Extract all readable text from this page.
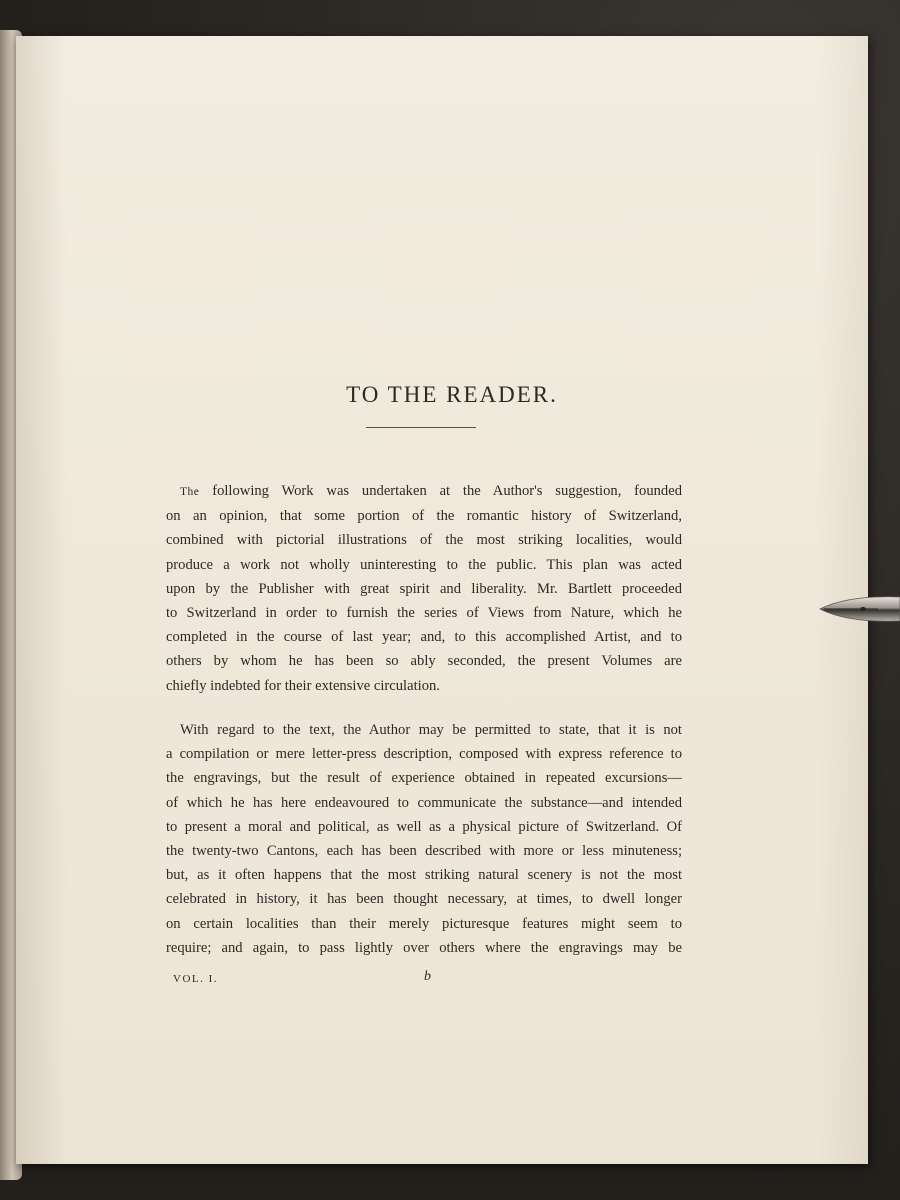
TO THE READER.
The following Work was undertaken at the Author's suggestion, founded
on an opinion, that some portion of the romantic history of Switzerland,
combined with pictorial illustrations of the most striking localities, would
produce a work not wholly uninteresting to the public. This plan was acted
upon by the Publisher with great spirit and liberality. Mr. Bartlett proceeded
to Switzerland in order to furnish the series of Views from Nature, which he
completed in the course of last year; and, to this accomplished Artist, and to
others by whom he has been so ably seconded, the present Volumes are
chiefly indebted for their extensive circulation.
With regard to the text, the Author may be permitted to state, that it is not
a compilation or mere letter-press description, composed with express reference to
the engravings, but the result of experience obtained in repeated excursions—
of which he has here endeavoured to communicate the substance—and intended
to present a moral and political, as well as a physical picture of Switzerland. Of
the twenty-two Cantons, each has been described with more or less minuteness;
but, as it often happens that the most striking natural scenery is not the most
celebrated in history, it has been thought necessary, at times, to dwell longer
on certain localities than their merely picturesque features might seem to
require; and again, to pass lightly over others where the engravings may be
VOL. I.	b
